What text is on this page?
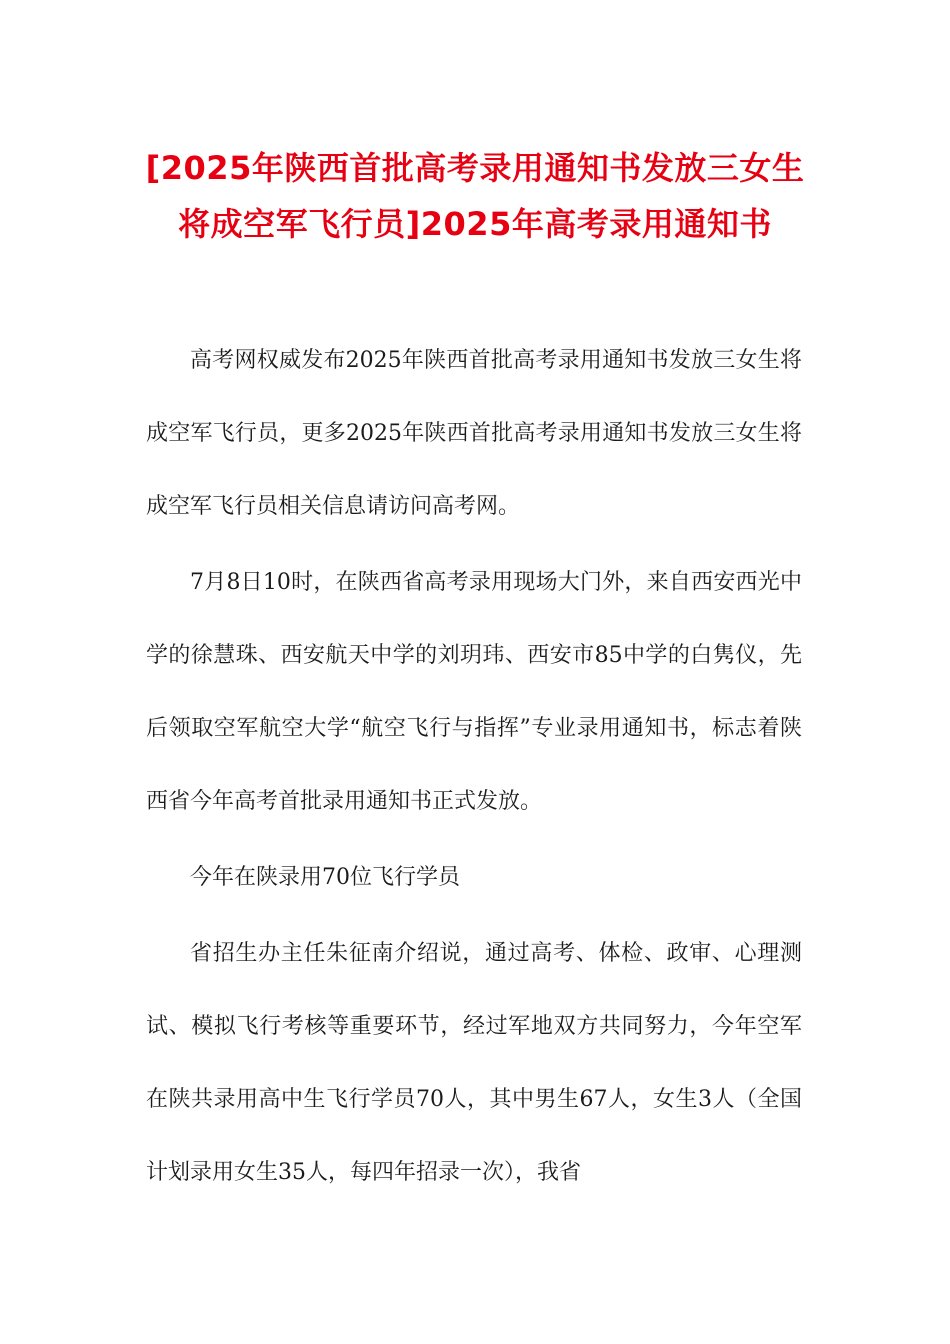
[2025年陕西首批高考录用通知书发放三女生将成空军飞行员]2025年高考录用通知书

高考网权威发布2025年陕西首批高考录用通知书发放三女生将成空军飞行员，更多2025年陕西首批高考录用通知书发放三女生将成空军飞行员相关信息请访问高考网。

7月8日10时，在陕西省高考录用现场大门外，来自西安西光中学的徐慧珠、西安航天中学的刘玥玮、西安市85中学的白隽仪，先后领取空军航空大学“航空飞行与指挥”专业录用通知书，标志着陕西省今年高考首批录用通知书正式发放。

今年在陕录用70位飞行学员

省招生办主任朱征南介绍说，通过高考、体检、政审、心理测试、模拟飞行考核等重要环节，经过军地双方共同努力，今年空军在陕共录用高中生飞行学员70人，其中男生67人，女生3人（全国计划录用女生35人，每四年招录一次），我省
